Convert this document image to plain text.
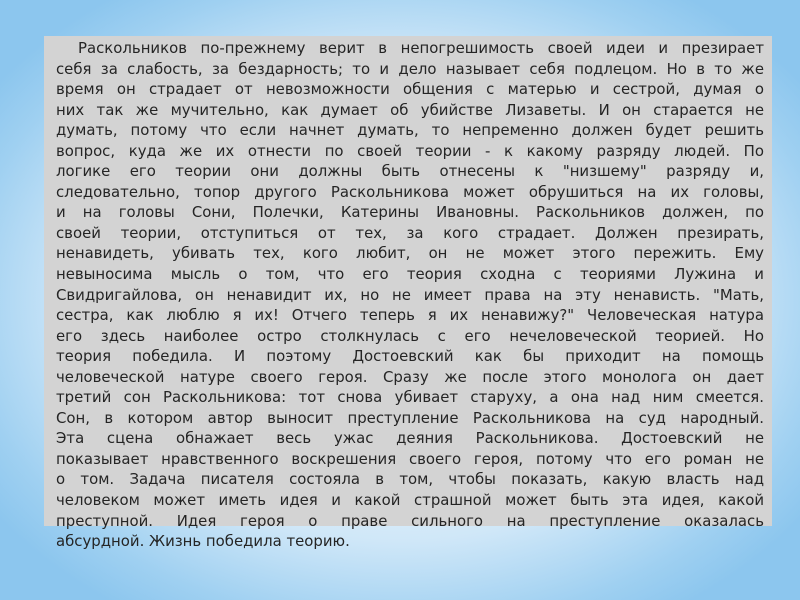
Раскольников по-прежнему верит в непогрешимость своей идеи и презирает
себя за слабость, за бездарность; то и дело называет себя подлецом. Но в то же
время он страдает от невозможности общения с матерью и сестрой, думая о
них так же мучительно, как думает об убийстве Лизаветы. И он старается не
думать, потому что если начнет думать, то непременно должен будет решить
вопрос, куда же их отнести по своей теории - к какому разряду людей. По
логике его теории они должны быть отнесены к "низшему" разряду и,
следовательно, топор другого Раскольникова может обрушиться на их головы,
и на головы Сони, Полечки, Катерины Ивановны. Раскольников должен, по
своей теории, отступиться от тех, за кого страдает. Должен презирать,
ненавидеть, убивать тех, кого любит, он не может этого пережить. Ему
невыносима мысль о том, что его теория сходна с теориями Лужина и
Свидригайлова, он ненавидит их, но не имеет права на эту ненависть. "Мать,
сестра, как люблю я их! Отчего теперь я их ненавижу?" Человеческая натура
его здесь наиболее остро столкнулась с его нечеловеческой теорией. Но
теория победила. И поэтому Достоевский как бы приходит на помощь
человеческой натуре своего героя. Сразу же после этого монолога он дает
третий сон Раскольникова: тот снова убивает старуху, а она над ним смеется.
Сон, в котором автор выносит преступление Раскольникова на суд народный.
Эта сцена обнажает весь ужас деяния Раскольникова. Достоевский не
показывает нравственного воскрешения своего героя, потому что его роман не
о том. Задача писателя состояла в том, чтобы показать, какую власть над
человеком может иметь идея и какой страшной может быть эта идея, какой
преступной. Идея героя о праве сильного на преступление оказалась
абсурдной. Жизнь победила теорию.
